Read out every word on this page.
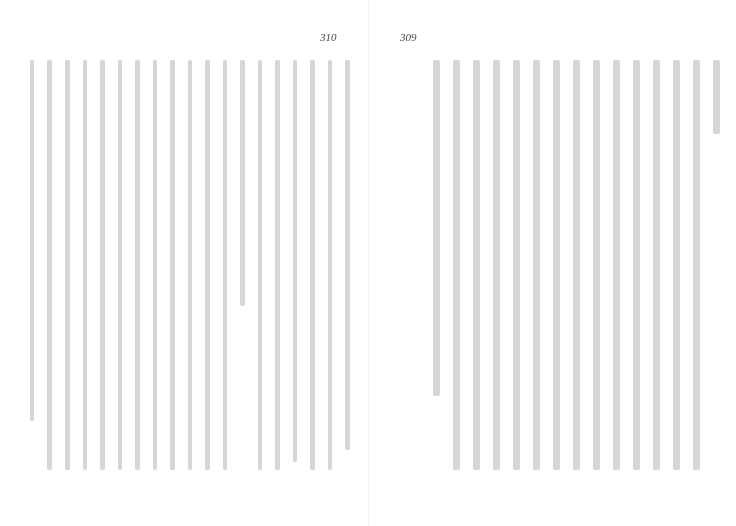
310	309
